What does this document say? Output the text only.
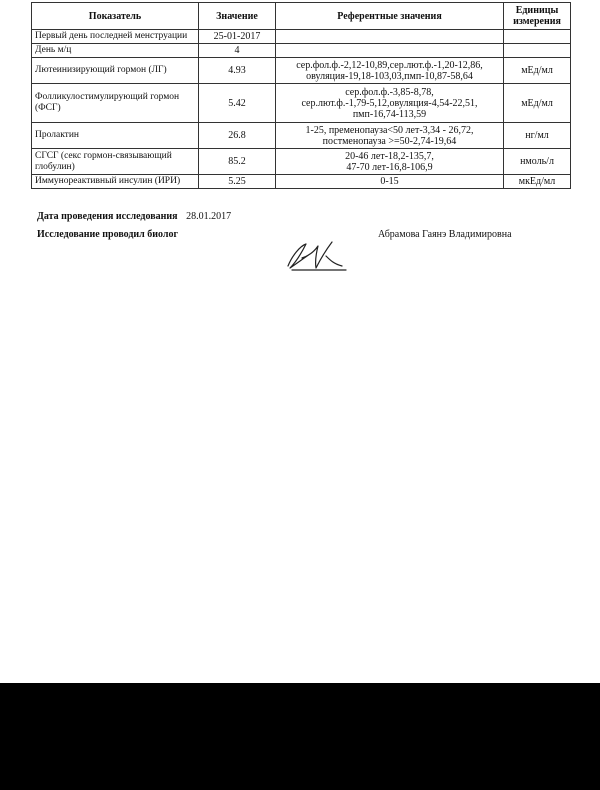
Показатель	Значение	Референтные значения	Единицы
измерения

Первый день последней менструации	25-01-2017		
День м/ц	4		
Лютеинизирующий гормон (ЛГ)	4.93	сер.фол.ф.-2,12-10,89,сер.лют.ф.-1,20-12,86,
овуляция-19,18-103,03,пмп-10,87-58,64	мЕд/мл

Фолликулостимулирующий гормон
(ФСГ)	5.42	сер.фол.ф.-3,85-8,78,
сер.лют.ф.-1,79-5,12,овуляция-4,54-22,51,
пмп-16,74-113,59	мЕд/мл
Пролактин	26.8	1-25, пременопауза<50 лет-3,34 - 26,72,
постменопауза >=50-2,74-19,64	нг/мл

СГСГ (секс гормон-связывающий
глобулин)	85.2	20-46 лет-18,2-135,7,
47-70 лет-16,8-106,9	нмоль/л
Иммунореактивный инсулин (ИРИ)	5.25	0-15	мкЕд/мл
Дата проведения исследования 28.01.2017
Исследование проводил биолог	Абрамова Гаянэ Владимировна
